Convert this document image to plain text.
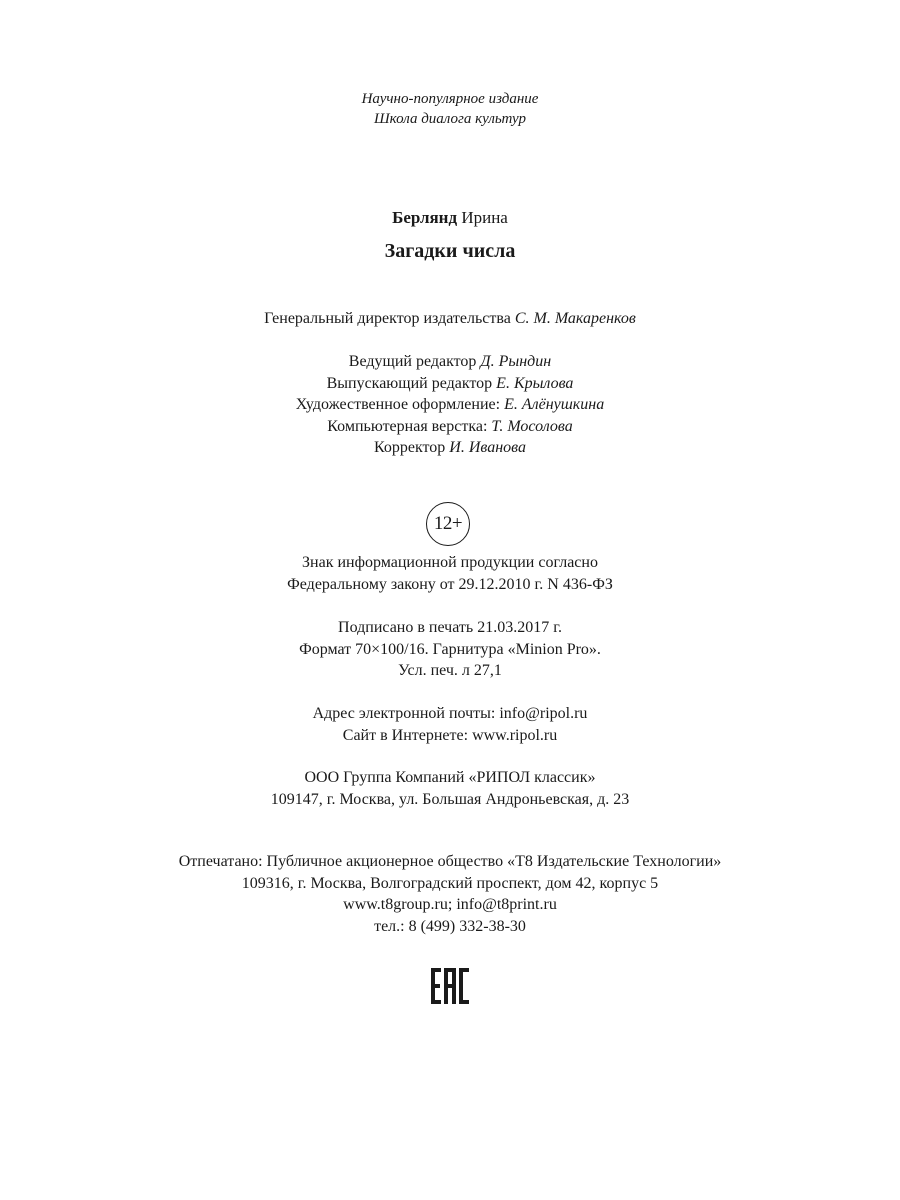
Научно-популярное издание
Школа диалога культур
Берлянд Ирина
Загадки числа
Генеральный директор издательства С. М. Макаренков
Ведущий редактор Д. Рындин
Выпускающий редактор Е. Крылова
Художественное оформление: Е. Алёнушкина
Компьютерная верстка: Т. Мосолова
Корректор И. Иванова
12+
Знак информационной продукции согласно
Федеральному закону от 29.12.2010 г. N 436-ФЗ
Подписано в печать 21.03.2017 г.
Формат 70×100/16. Гарнитура «Minion Pro».
Усл. печ. л 27,1
Адрес электронной почты: info@ripol.ru
Сайт в Интернете: www.ripol.ru
ООО Группа Компаний «РИПОЛ классик»
109147, г. Москва, ул. Большая Андроньевская, д. 23
Отпечатано: Публичное акционерное общество «Т8 Издательские Технологии»
109316, г. Москва, Волгоградский проспект, дом 42, корпус 5
www.t8group.ru; info@t8print.ru
тел.: 8 (499) 332-38-30
